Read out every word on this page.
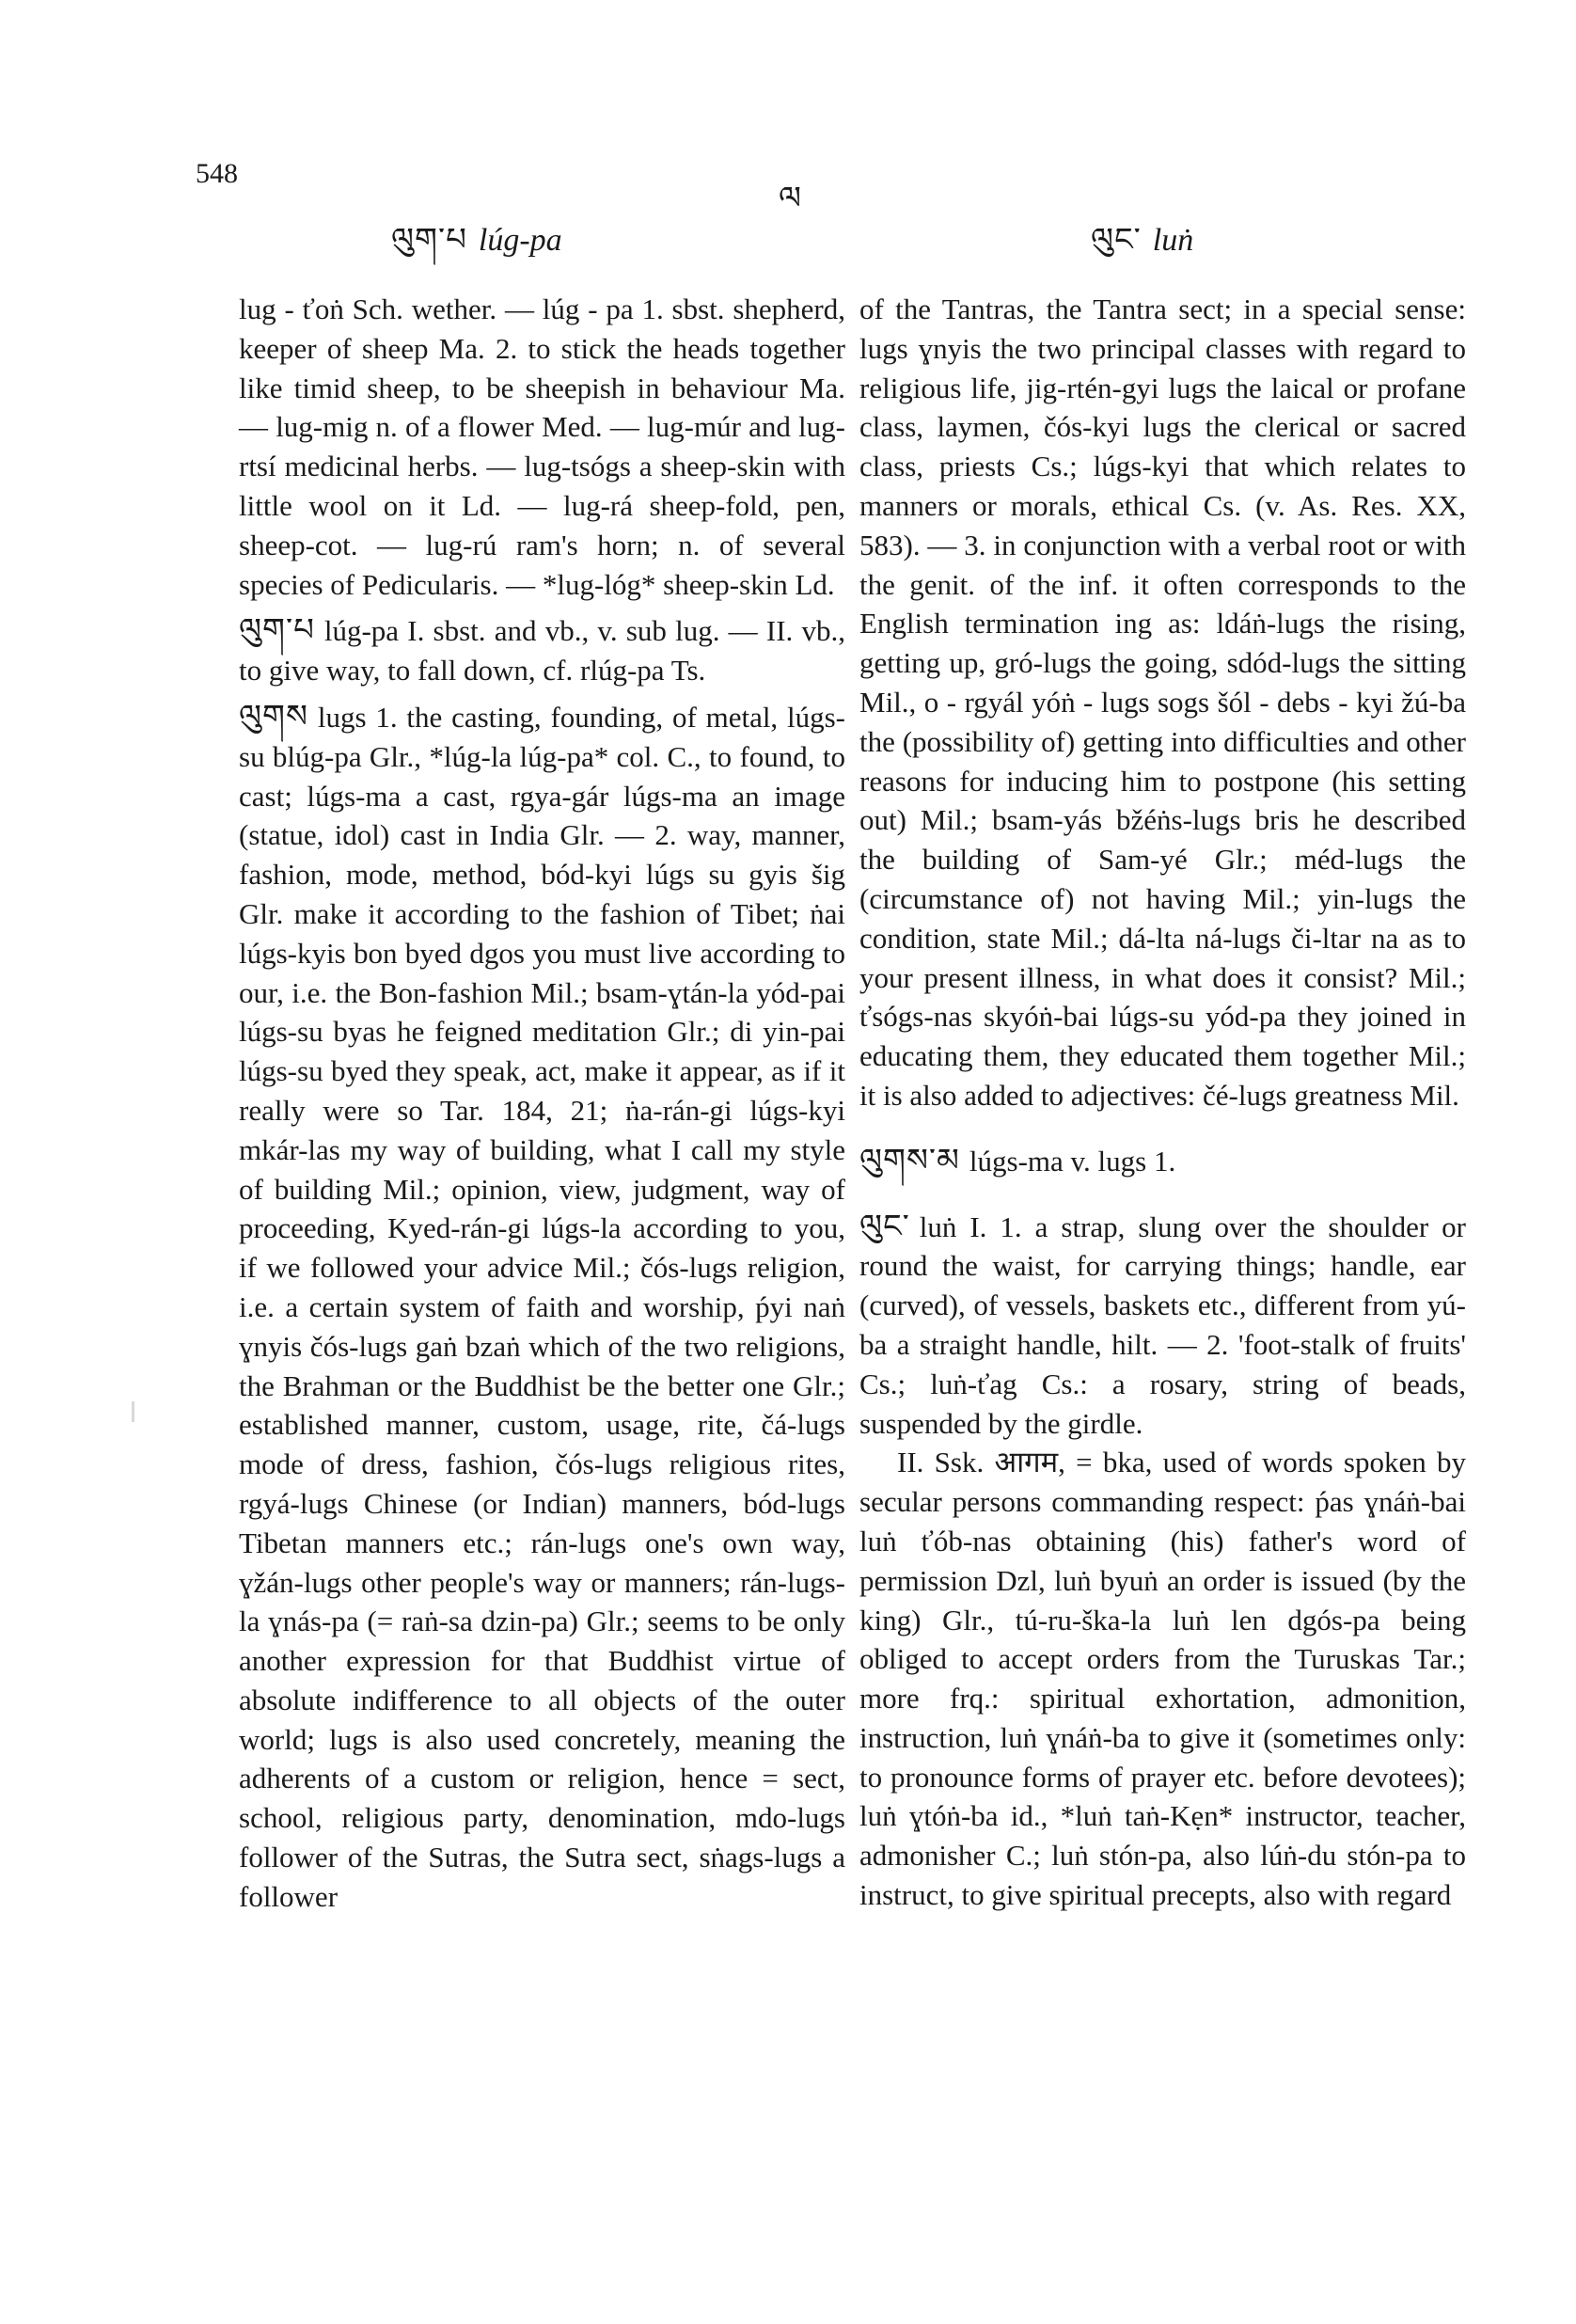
548
ལ
ལུག་པ lúg-pa	ལུང་ luṅ

lug - ťoṅ Sch. wether. — lúg - pa 1. sbst. shepherd, keeper of sheep Ma. 2. to stick the heads together like timid sheep, to be sheepish in behaviour Ma. — lug-mig n. of a flower Med. — lug-múr and lug-rtsí medicinal herbs. — lug-tsógs a sheep-skin with little wool on it Ld. — lug-rá sheep-fold, pen, sheep-cot. — lug-rú ram's horn; n. of several species of Pedicularis. — *lug-lóg* sheep-skin Ld.

ལུག་པ lúg-pa I. sbst. and vb., v. sub lug. — II. vb., to give way, to fall down, cf. rlúg-pa Ts.

ལུགས lugs 1. the casting, founding, of metal, lúgs-su blúg-pa Glr., *lúg-la lúg-pa* col. C., to found, to cast; lúgs-ma a cast, rgya-gár lúgs-ma an image (statue, idol) cast in India Glr. — 2. way, manner, fashion, mode, method, bód-kyi lúgs su gyis šig Glr. make it according to the fashion of Tibet; ṅai lúgs-kyis bon byed dgos you must live according to our, i.e. the Bon-fashion Mil.; bsam-ɣtán-la yód-pai lúgs-su byas he feigned meditation Glr.; di yin-pai lúgs-su byed they speak, act, make it appear, as if it really were so Tar. 184, 21; ṅa-rán-gi lúgs-kyi mkár-las my way of building, what I call my style of building Mil.; opinion, view, judgment, way of proceeding, Kyed-rán-gi lúgs-la according to you, if we followed your advice Mil.; čós-lugs religion, i.e. a certain system of faith and worship, ṕyi naṅ ɣnyis čós-lugs gaṅ bzaṅ which of the two religions, the Brahman or the Buddhist be the better one Glr.; established manner, custom, usage, rite, čá-lugs mode of dress, fashion, čós-lugs religious rites, rgyá-lugs Chinese (or Indian) manners, bód-lugs Tibetan manners etc.; rán-lugs one's own way, ɣžán-lugs other people's way or manners; rán-lugs-la ɣnás-pa (= raṅ-sa dzin-pa) Glr.; seems to be only another expression for that Buddhist virtue of absolute indifference to all objects of the outer world; lugs is also used concretely, meaning the adherents of a custom or religion, hence = sect, school, religious party, denomination, mdo-lugs follower of the Sutras, the Sutra sect, sṅags-lugs a follower

of the Tantras, the Tantra sect; in a special sense: lugs ɣnyis the two principal classes with regard to religious life, jig-rtén-gyi lugs the laical or profane class, laymen, čós-kyi lugs the clerical or sacred class, priests Cs.; lúgs-kyi that which relates to manners or morals, ethical Cs. (v. As. Res. XX, 583). — 3. in conjunction with a verbal root or with the genit. of the inf. it often corresponds to the English termination ing as: ldáṅ-lugs the rising, getting up, gró-lugs the going, sdód-lugs the sitting Mil., o - rgyál yóṅ - lugs sogs šól - debs - kyi žú-ba the (possibility of) getting into difficulties and other reasons for inducing him to postpone (his setting out) Mil.; bsam-yás bžéṅs-lugs bris he described the building of Sam-yé Glr.; méd-lugs the (circumstance of) not having Mil.; yin-lugs the condition, state Mil.; dá-lta ná-lugs či-ltar na as to your present illness, in what does it consist? Mil.; ťsógs-nas skyóṅ-bai lúgs-su yód-pa they joined in educating them, they educated them together Mil.; it is also added to adjectives: čé-lugs greatness Mil.

ལུགས་མ lúgs-ma v. lugs 1.

ལུང་ luṅ I. 1. a strap, slung over the shoulder or round the waist, for carrying things; handle, ear (curved), of vessels, baskets etc., different from yú-ba a straight handle, hilt. — 2. 'foot-stalk of fruits' Cs.; luṅ-ťag Cs.: a rosary, string of beads, suspended by the girdle.

II. Ssk. आगम, = bka, used of words spoken by secular persons commanding respect: ṕas ɣnáṅ-bai luṅ ťób-nas obtaining (his) father's word of permission Dzl, luṅ byuṅ an order is issued (by the king) Glr., tú-ru-ška-la luṅ len dgós-pa being obliged to accept orders from the Turuskas Tar.; more frq.: spiritual exhortation, admonition, instruction, luṅ ɣnáṅ-ba to give it (sometimes only: to pronounce forms of prayer etc. before devotees); luṅ ɣtóṅ-ba id., *luṅ taṅ-Kẹn* instructor, teacher, admonisher C.; luṅ stón-pa, also lúṅ-du stón-pa to instruct, to give spiritual precepts, also with regard
